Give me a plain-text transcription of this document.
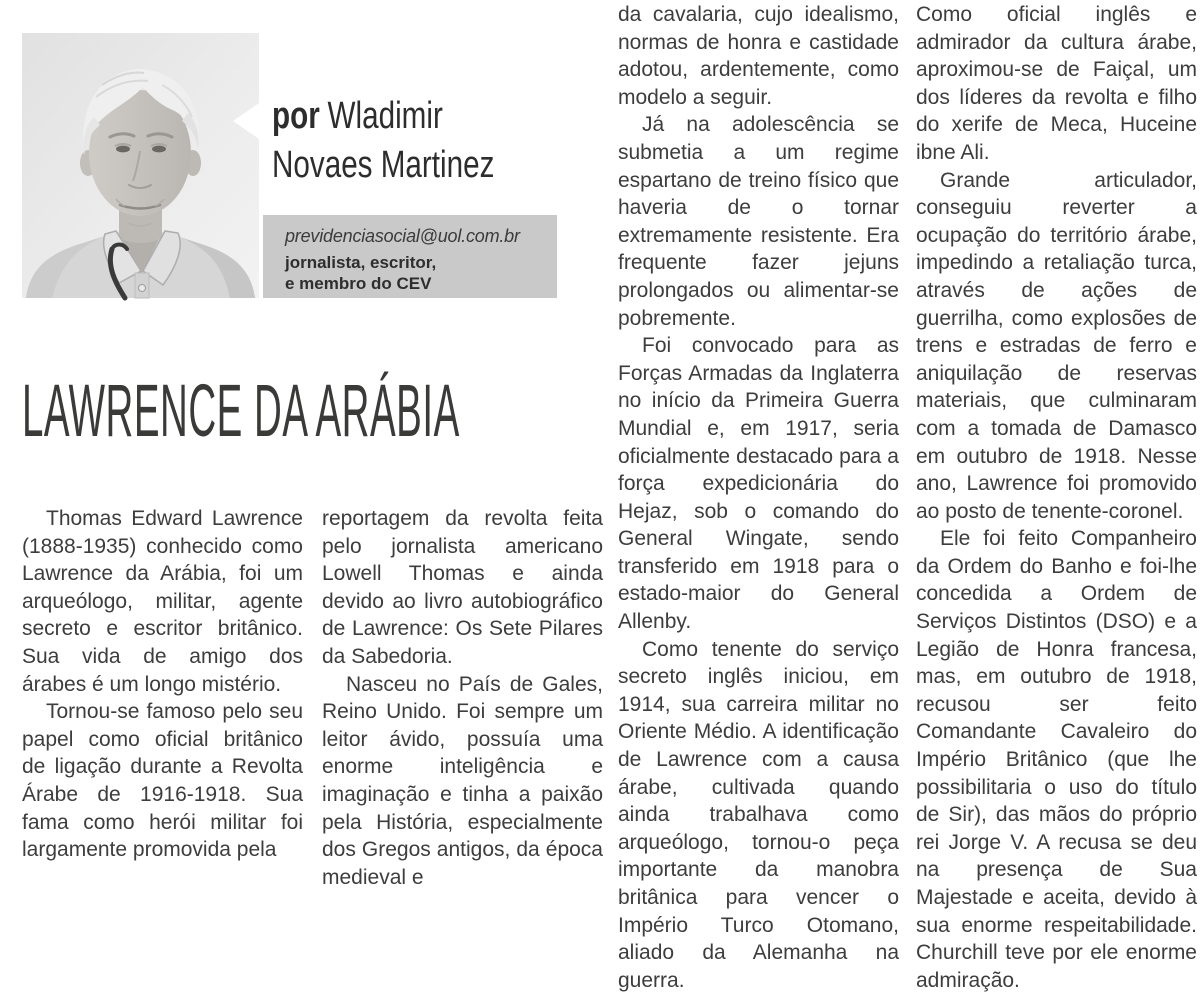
por Wladimir
Novaes Martinez
previdenciasocial@uol.com.br
jornalista, escritor,
e membro do CEV
LAWRENCE DA ARÁBIA

Thomas Edward Lawrence (1888-1935) conhecido como Lawrence da Arábia, foi um arqueólogo, militar, agente secreto e escritor britânico. Sua vida de amigo dos árabes é um longo mistério.

Tornou-se famoso pelo seu papel como oficial britânico de ligação durante a Revolta Árabe de 1916-1918. Sua fama como herói militar foi largamente promovida pela

reportagem da revolta feita pelo jornalista americano Lowell Thomas e ainda devido ao livro autobiográfico de Lawrence: Os Sete Pilares da Sabedoria.

Nasceu no País de Gales, Reino Unido. Foi sempre um leitor ávido, possuía uma enorme inteligência e imaginação e tinha a paixão pela História, especialmente dos Gregos antigos, da época medieval e

da cavalaria, cujo idealismo, normas de honra e castidade adotou, ardentemente, como modelo a seguir.

Já na adolescência se submetia a um regime espartano de treino físico que haveria de o tornar extremamente resistente. Era frequente fazer jejuns prolongados ou alimentar-se pobremente.

Foi convocado para as Forças Armadas da Inglaterra no início da Primeira Guerra Mundial e, em 1917, seria oficialmente destacado para a força expedicionária do Hejaz, sob o comando do General Wingate, sendo transferido em 1918 para o estado-maior do General Allenby.

Como tenente do serviço secreto inglês iniciou, em 1914, sua carreira militar no Oriente Médio. A identificação de Lawrence com a causa árabe, cultivada quando ainda trabalhava como arqueólogo, tornou-o peça importante da manobra britânica para vencer o Império Turco Otomano, aliado da Alemanha na guerra.

Como oficial inglês e admirador da cultura árabe, aproximou-se de Faiçal, um dos líderes da revolta e filho do xerife de Meca, Huceine ibne Ali.

Grande articulador, conseguiu reverter a ocupação do território árabe, impedindo a retaliação turca, através de ações de guerrilha, como explosões de trens e estradas de ferro e aniquilação de reservas materiais, que culminaram com a tomada de Damasco em outubro de 1918. Nesse ano, Lawrence foi promovido ao posto de tenente-coronel.

Ele foi feito Companheiro da Ordem do Banho e foi-lhe concedida a Ordem de Serviços Distintos (DSO) e a Legião de Honra francesa, mas, em outubro de 1918, recusou ser feito Comandante Cavaleiro do Império Britânico (que lhe possibilitaria o uso do título de Sir), das mãos do próprio rei Jorge V. A recusa se deu na presença de Sua Majestade e aceita, devido à sua enorme respeitabilidade. Churchill teve por ele enorme admiração.
